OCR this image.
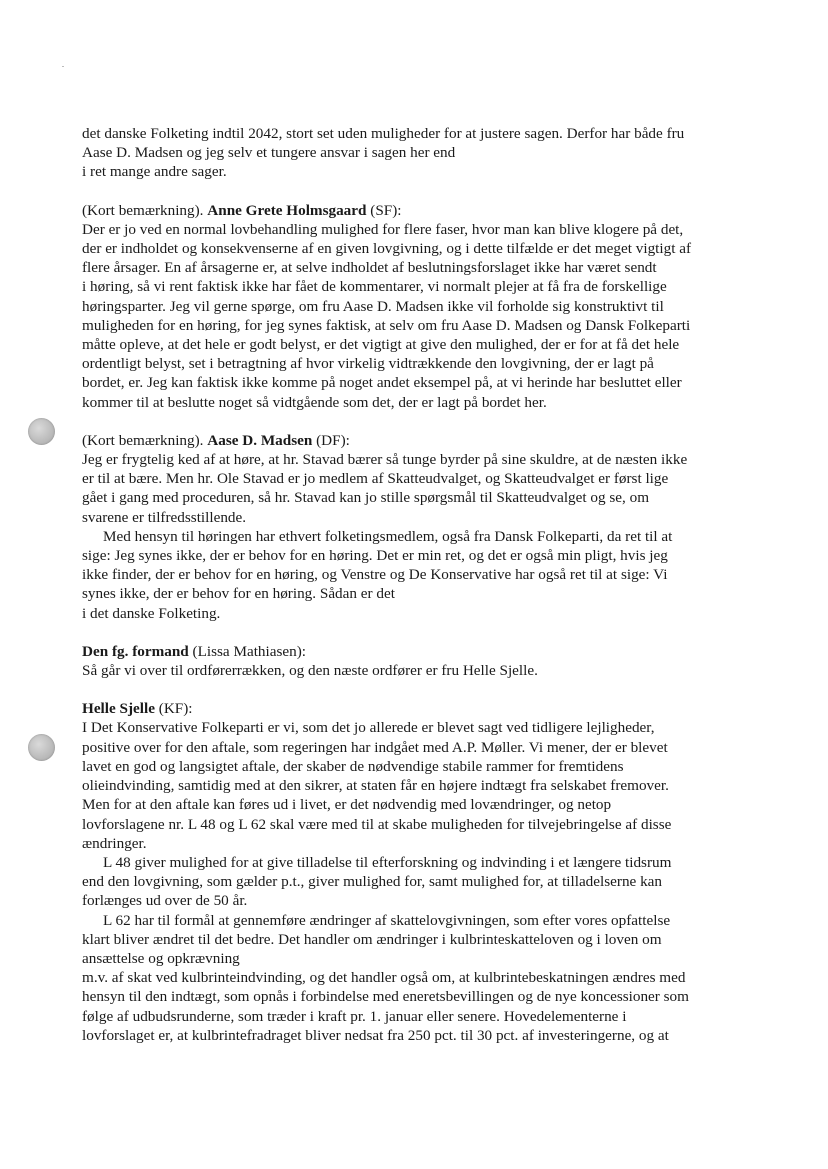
det danske Folketing indtil 2042, stort set uden muligheder for at justere sagen. Derfor har både fru
Aase D. Madsen og jeg selv et tungere ansvar i sagen her end
i ret mange andre sager.
(Kort bemærkning). Anne Grete Holmsgaard (SF):
Der er jo ved en normal lovbehandling mulighed for flere faser, hvor man kan blive klogere på det,
der er indholdet og konsekvenserne af en given lovgivning, og i dette tilfælde er det meget vigtigt af
flere årsager. En af årsagerne er, at selve indholdet af beslutningsforslaget ikke har været sendt
i høring, så vi rent faktisk ikke har fået de kommentarer, vi normalt plejer at få fra de forskellige
høringsparter. Jeg vil gerne spørge, om fru Aase D. Madsen ikke vil forholde sig konstruktivt til
muligheden for en høring, for jeg synes faktisk, at selv om fru Aase D. Madsen og Dansk Folkeparti
måtte opleve, at det hele er godt belyst, er det vigtigt at give den mulighed, der er for at få det hele
ordentligt belyst, set i betragtning af hvor virkelig vidtrækkende den lovgivning, der er lagt på
bordet, er. Jeg kan faktisk ikke komme på noget andet eksempel på, at vi herinde har besluttet eller
kommer til at beslutte noget så vidtgående som det, der er lagt på bordet her.
(Kort bemærkning). Aase D. Madsen (DF):
Jeg er frygtelig ked af at høre, at hr. Stavad bærer så tunge byrder på sine skuldre, at de næsten ikke
er til at bære. Men hr. Ole Stavad er jo medlem af Skatteudvalget, og Skatteudvalget er først lige
gået i gang med proceduren, så hr. Stavad kan jo stille spørgsmål til Skatteudvalget og se, om
svarene er tilfredsstillende.
Med hensyn til høringen har ethvert folketingsmedlem, også fra Dansk Folkeparti, da ret til at
sige: Jeg synes ikke, der er behov for en høring. Det er min ret, og det er også min pligt, hvis jeg
ikke finder, der er behov for en høring, og Venstre og De Konservative har også ret til at sige: Vi
synes ikke, der er behov for en høring. Sådan er det
i det danske Folketing.
Den fg. formand (Lissa Mathiasen):
Så går vi over til ordførerrækken, og den næste ordfører er fru Helle Sjelle.
Helle Sjelle (KF):
I Det Konservative Folkeparti er vi, som det jo allerede er blevet sagt ved tidligere lejligheder,
positive over for den aftale, som regeringen har indgået med A.P. Møller. Vi mener, der er blevet
lavet en god og langsigtet aftale, der skaber de nødvendige stabile rammer for fremtidens
olieindvinding, samtidig med at den sikrer, at staten får en højere indtægt fra selskabet fremover.
Men for at den aftale kan føres ud i livet, er det nødvendig med lovændringer, og netop
lovforslagene nr. L 48 og L 62 skal være med til at skabe muligheden for tilvejebringelse af disse
ændringer.
L 48 giver mulighed for at give tilladelse til efterforskning og indvinding i et længere tidsrum
end den lovgivning, som gælder p.t., giver mulighed for, samt mulighed for, at tilladelserne kan
forlænges ud over de 50 år.
L 62 har til formål at gennemføre ændringer af skattelovgivningen, som efter vores opfattelse
klart bliver ændret til det bedre. Det handler om ændringer i kulbrinteskatteloven og i loven om
ansættelse og opkrævning
m.v. af skat ved kulbrinteindvinding, og det handler også om, at kulbrintebeskatningen ændres med
hensyn til den indtægt, som opnås i forbindelse med eneretsbevillingen og de nye koncessioner som
følge af udbudsrunderne, som træder i kraft pr. 1. januar eller senere. Hovedelementerne i
lovforslaget er, at kulbrintefradraget bliver nedsat fra 250 pct. til 30 pct. af investeringerne, og at
